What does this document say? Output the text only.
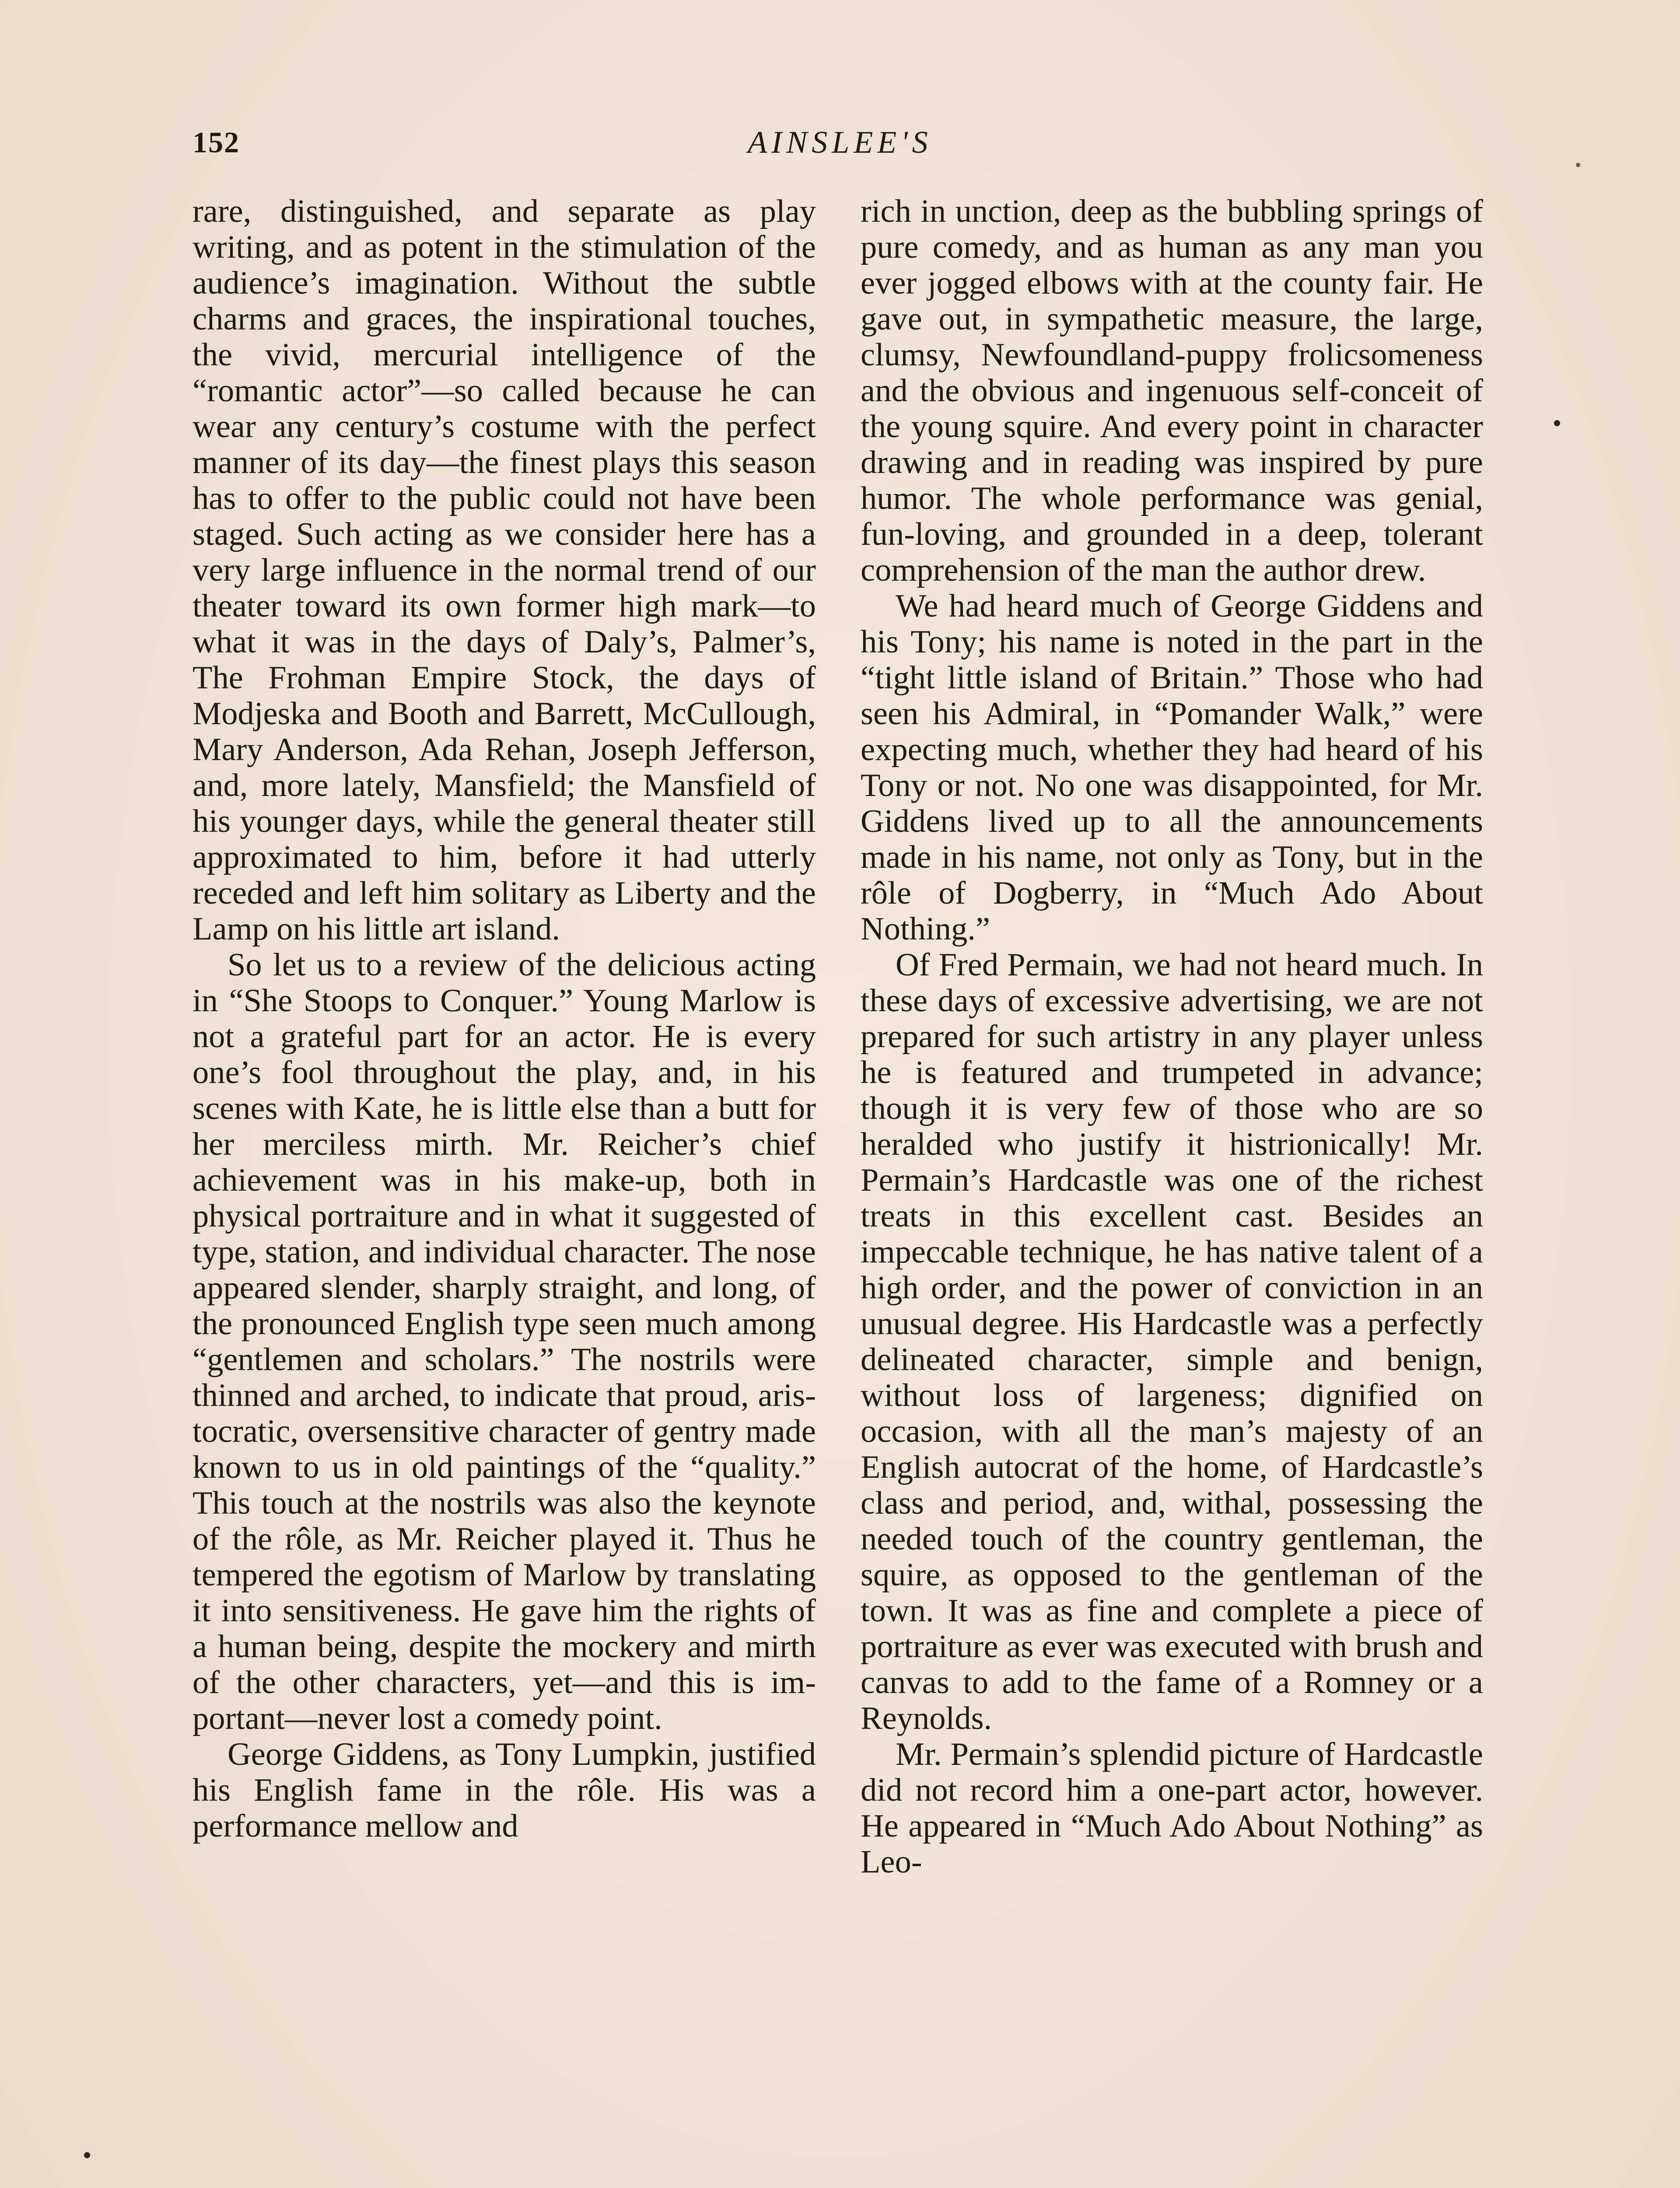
152	AINSLEE'S

rare, distinguished, and separate as play writing, and as potent in the stimulation of the audience’s imagination. Without the subtle charms and graces, the inspirational touches, the vivid, mercurial intelligence of the “romantic actor”—so called because he can wear any century’s costume with the perfect manner of its day—the finest plays this season has to offer to the public could not have been staged. Such acting as we consider here has a very large influence in the normal trend of our theater toward its own former high mark—to what it was in the days of Daly’s, Palmer’s, The Frohman Empire Stock, the days of Modjeska and Booth and Barrett, McCullough, Mary Anderson, Ada Rehan, Joseph Jefferson, and, more lately, Mansfield; the Mansfield of his younger days, while the general theater still approximated to him, before it had utterly receded and left him solitary as Liberty and the Lamp on his little art island.

So let us to a review of the delicious acting in “She Stoops to Conquer.” Young Marlow is not a grateful part for an actor. He is every one’s fool throughout the play, and, in his scenes with Kate, he is little else than a butt for her merciless mirth. Mr. Reicher’s chief achievement was in his make-up, both in physical portraiture and in what it suggested of type, station, and individual character. The nose appeared slender, sharply straight, and long, of the pronounced English type seen much among “gentlemen and scholars.” The nostrils were thinned and arched, to indicate that proud, aristocratic, oversensitive character of gentry made known to us in old paintings of the “quality.” This touch at the nostrils was also the keynote of the rôle, as Mr. Reicher played it. Thus he tempered the egotism of Marlow by translating it into sensitiveness. He gave him the rights of a human being, despite the mockery and mirth of the other characters, yet—and this is important—never lost a comedy point.

George Giddens, as Tony Lumpkin, justified his English fame in the rôle. His was a performance mellow and

rich in unction, deep as the bubbling springs of pure comedy, and as human as any man you ever jogged elbows with at the county fair. He gave out, in sympathetic measure, the large, clumsy, Newfoundland-puppy frolicsomeness and the obvious and ingenuous self-conceit of the young squire. And every point in character drawing and in reading was inspired by pure humor. The whole performance was genial, fun-loving, and grounded in a deep, tolerant comprehension of the man the author drew.

We had heard much of George Giddens and his Tony; his name is noted in the part in the “tight little island of Britain.” Those who had seen his Admiral, in “Pomander Walk,” were expecting much, whether they had heard of his Tony or not. No one was disappointed, for Mr. Giddens lived up to all the announcements made in his name, not only as Tony, but in the rôle of Dogberry, in “Much Ado About Nothing.”

Of Fred Permain, we had not heard much. In these days of excessive advertising, we are not prepared for such artistry in any player unless he is featured and trumpeted in advance; though it is very few of those who are so heralded who justify it histrionically! Mr. Permain’s Hardcastle was one of the richest treats in this excellent cast. Besides an impeccable technique, he has native talent of a high order, and the power of conviction in an unusual degree. His Hardcastle was a perfectly delineated character, simple and benign, without loss of largeness; dignified on occasion, with all the man’s majesty of an English autocrat of the home, of Hardcastle’s class and period, and, withal, possessing the needed touch of the country gentleman, the squire, as opposed to the gentleman of the town. It was as fine and complete a piece of portraiture as ever was executed with brush and canvas to add to the fame of a Romney or a Reynolds.

Mr. Permain’s splendid picture of Hardcastle did not record him a one-part actor, however. He appeared in “Much Ado About Nothing” as Leo-
